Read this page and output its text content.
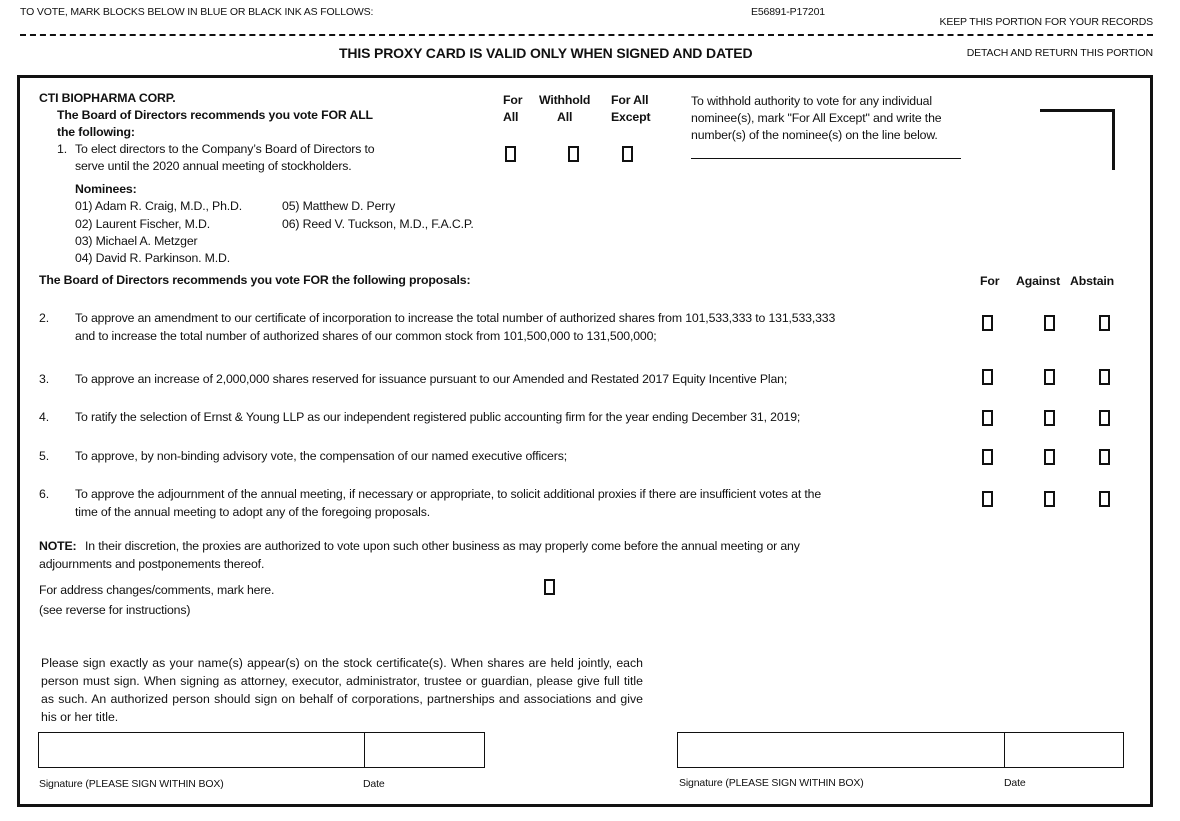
TO VOTE, MARK BLOCKS BELOW IN BLUE OR BLACK INK AS FOLLOWS:	E56891-P17201
KEEP THIS PORTION FOR YOUR RECORDS
THIS PROXY CARD IS VALID ONLY WHEN SIGNED AND DATED	DETACH AND RETURN THIS PORTION
CTI BIOPHARMA CORP.
The Board of Directors recommends you vote FOR ALL
the following:
1. To elect directors to the Company’s Board of Directors to
serve until the 2020 annual meeting of stockholders.
Nominees:
01) Adam R. Craig, M.D., Ph.D.
02) Laurent Fischer, M.D.
03) Michael A. Metzger
04) David R. Parkinson. M.D.
05) Matthew D. Perry
06) Reed V. Tuckson, M.D., F.A.C.P.
For
All
Withhold
All
For All
Except
To withhold authority to vote for any individual
nominee(s), mark "For All Except" and write the
number(s) of the nominee(s) on the line below.
The Board of Directors recommends you vote FOR the following proposals:	For Against Abstain
2. To approve an amendment to our certificate of incorporation to increase the total number of authorized shares from 101,533,333 to 131,533,333
and to increase the total number of authorized shares of our common stock from 101,500,000 to 131,500,000;
3. To approve an increase of 2,000,000 shares reserved for issuance pursuant to our Amended and Restated 2017 Equity Incentive Plan;
4. To ratify the selection of Ernst & Young LLP as our independent registered public accounting firm for the year ending December 31, 2019;
5. To approve, by non-binding advisory vote, the compensation of our named executive officers;
6. To approve the adjournment of the annual meeting, if necessary or appropriate, to solicit additional proxies if there are insufficient votes at the
time of the annual meeting to adopt any of the foregoing proposals.
NOTE: In their discretion, the proxies are authorized to vote upon such other business as may properly come before the annual meeting or any
adjournments and postponements thereof.
For address changes/comments, mark here.
(see reverse for instructions)
Please sign exactly as your name(s) appear(s) on the stock certificate(s). When shares are held jointly, each person must sign. When signing as attorney, executor, administrator, trustee or guardian, please give full title as such. An authorized person should sign on behalf of corporations, partnerships and associations and give his or her title.
Signature (PLEASE SIGN WITHIN BOX)	Date	Signature (PLEASE SIGN WITHIN BOX)	Date
